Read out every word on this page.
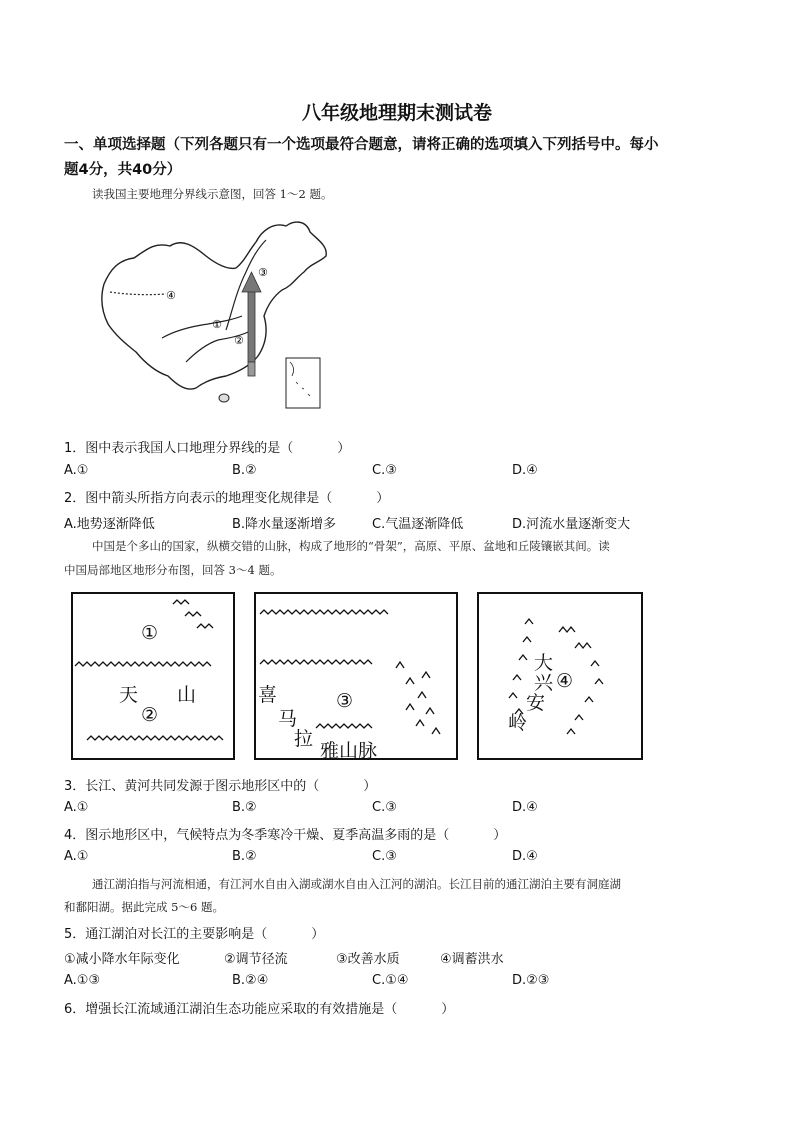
八年级地理期末测试卷
一、单项选择题（下列各题只有一个选项最符合题意，请将正确的选项填入下列括号中。每小
题4分，共40分）
读我国主要地理分界线示意图，回答 1～2 题。
④
①
②
③
1．图中表示我国人口地理分界线的是（	）
A.①	B.②	C.③	D.④
2．图中箭头所指方向表示的地理变化规律是（	）
A.地势逐渐降低	B.降水量逐渐增多	C.气温逐渐降低	D.河流水量逐渐变大
中国是个多山的国家，纵横交错的山脉，构成了地形的“骨架”，高原、平原、盆地和丘陵镶嵌其间。读
中国局部地区地形分布图，回答 3～4 题。
①
天 山
②
喜
马
拉
雅山脉
③
大
兴
安
岭
④
3．长江、黄河共同发源于图示地形区中的（	）
A.①	B.②	C.③	D.④
4．图示地形区中，气候特点为冬季寒冷干燥、夏季高温多雨的是（	）
A.①	B.②	C.③	D.④
通江湖泊指与河流相通，有江河水自由入湖或湖水自由入江河的湖泊。长江目前的通江湖泊主要有洞庭湖
和鄱阳湖。据此完成 5～6 题。
5．通江湖泊对长江的主要影响是（	）
①减小降水年际变化	②调节径流	③改善水质	④调蓄洪水
A.①③	B.②④	C.①④	D.②③
6．增强长江流域通江湖泊生态功能应采取的有效措施是（	）
